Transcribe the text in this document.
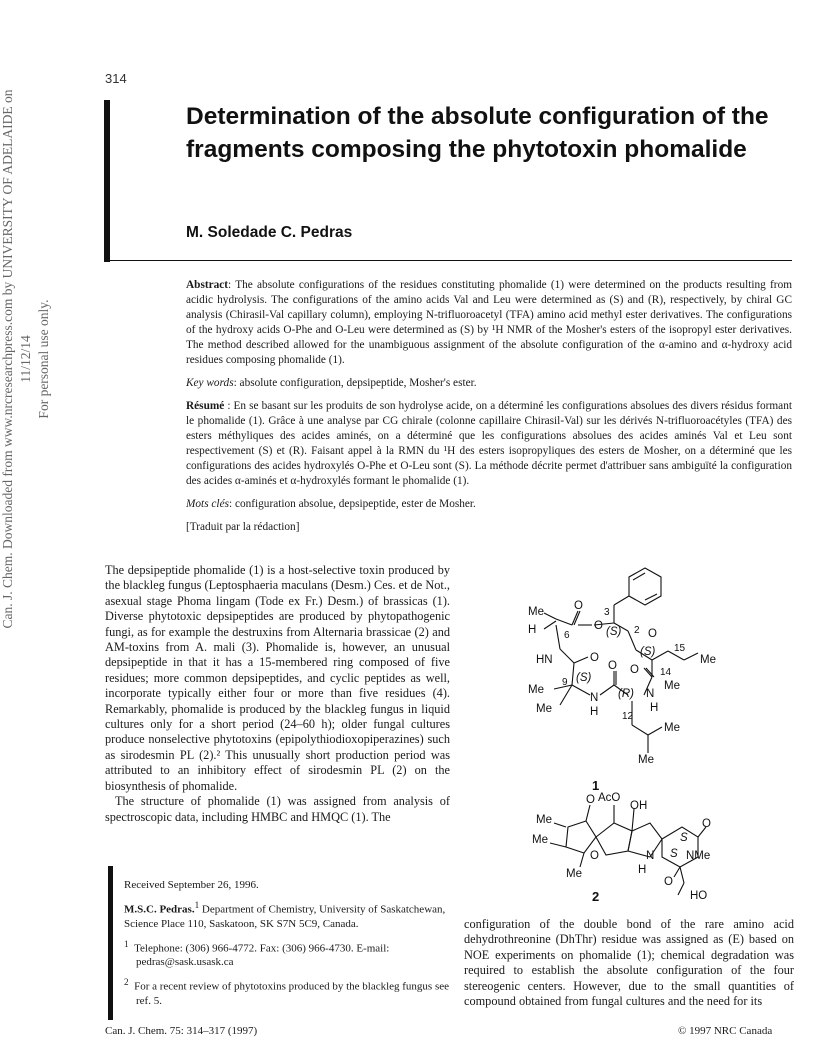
Can. J. Chem. Downloaded from www.nrcresearchpress.com by UNIVERSITY OF ADELAIDE on 11/12/14 For personal use only.
314
Determination of the absolute configuration of the fragments composing the phytotoxin phomalide
M. Soledade C. Pedras

Abstract: The absolute configurations of the residues constituting phomalide (1) were determined on the products resulting from acidic hydrolysis. The configurations of the amino acids Val and Leu were determined as (S) and (R), respectively, by chiral GC analysis (Chirasil-Val capillary column), employing N-trifluoroacetyl (TFA) amino acid methyl ester derivatives. The configurations of the hydroxy acids O-Phe and O-Leu were determined as (S) by ¹H NMR of the Mosher's esters of the isopropyl ester derivatives. The method described allowed for the unambiguous assignment of the absolute configuration of the α-amino and α-hydroxy acid residues composing phomalide (1).

Key words: absolute configuration, depsipeptide, Mosher's ester.

Résumé : En se basant sur les produits de son hydrolyse acide, on a déterminé les configurations absolues des divers résidus formant le phomalide (1). Grâce à une analyse par CG chirale (colonne capillaire Chirasil-Val) sur les dérivés N-trifluoroacétyles (TFA) des esters méthyliques des acides aminés, on a déterminé que les configurations absolues des acides aminés Val et Leu sont respectivement (S) et (R). Faisant appel à la RMN du ¹H des esters isopropyliques des esters de Mosher, on a déterminé que les configurations des acides hydroxylés O-Phe et O-Leu sont (S). La méthode décrite permet d'attribuer sans ambiguïté la configuration des acides α-aminés et α-hydroxylés formant le phomalide (1).

Mots clés: configuration absolue, depsipeptide, ester de Mosher.

[Traduit par la rédaction]

The depsipeptide phomalide (1) is a host-selective toxin produced by the blackleg fungus (Leptosphaeria maculans (Desm.) Ces. et de Not., asexual stage Phoma lingam (Tode ex Fr.) Desm.) of brassicas (1). Diverse phytotoxic depsipeptides are produced by phytopathogenic fungi, as for example the destruxins from Alternaria brassicae (2) and AM-toxins from A. mali (3). Phomalide is, however, an unusual depsipeptide in that it has a 15-membered ring composed of five residues; more common depsipeptides, and cyclic peptides as well, incorporate typically either four or more than five residues (4). Remarkably, phomalide is produced by the blackleg fungus in liquid cultures only for a short period (24–60 h); older fungal cultures produce nonselective phytotoxins (epipolythiodioxopiperazines) such as sirodesmin PL (2).² This unusually short production period was attributed to an inhibitory effect of sirodesmin PL (2) on the biosynthesis of phomalide.

The structure of phomalide (1) was assigned from analysis of spectroscopic data, including HMBC and HMQC (1). The

configuration of the double bond of the rare amino acid dehydrothreonine (DhThr) residue was assigned as (E) based on NOE experiments on phomalide (1); chemical degradation was required to establish the absolute configuration of the four stereogenic centers. However, due to the small quantities of compound obtained from fungal cultures and the need for its

Received September 26, 1996.

M.S.C. Pedras.$^1$ Department of Chemistry, University of Saskatchewan, Science Place 110, Saskatoon, SK S7N 5C9, Canada.

$^1$ Telephone: (306) 966-4772. Fax: (306) 966-4730. E-mail: pedras@sask.usask.ca

$^2$ For a recent review of phytotoxins produced by the blackleg fungus see ref. 5.

Can. J. Chem. 75: 314–317 (1997)	© 1997 NRC Canada
Me
H	6
O
3
O (S) 2 O
(S) 15
Me
HN	O
O O 14
Me
9 (S)
Me
N
H
(R) N
H
Me
12
Me
Me
1
O AcO
OH
Me
Me
O
S
S NMe
N
O
Me	H
O
HO
2
